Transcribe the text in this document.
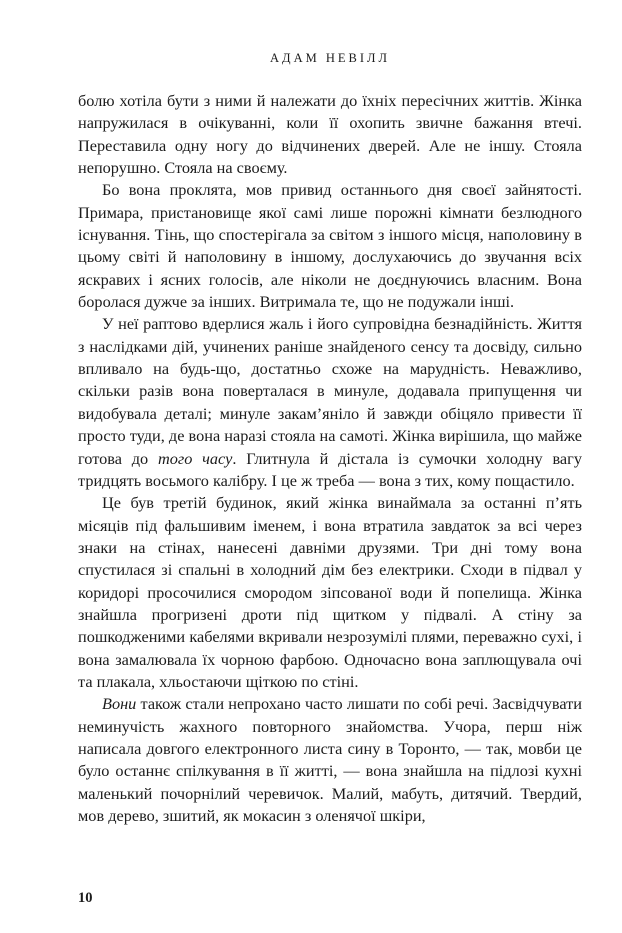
АДАМ НЕВІЛЛ

болю хотіла бути з ними й належати до їхніх пересічних життів. Жінка напружилася в очікуванні, коли її охопить звичне бажання втечі. Переставила одну ногу до відчинених дверей. Але не іншу. Стояла непорушно. Стояла на своєму.

Бо вона проклята, мов привид останнього дня своєї зайнятості. Примара, пристановище якої самі лише порожні кімнати безлюдного існування. Тінь, що спостерігала за світом з іншого місця, наполовину в цьому світі й наполовину в іншому, дослухаючись до звучання всіх яскравих і ясних голосів, але ніколи не доєднуючись власним. Вона боролася дужче за інших. Витримала те, що не подужали інші.

У неї раптово вдерлися жаль і його супровідна безнадійність. Життя з наслідками дій, учинених раніше знайденого сенсу та досвіду, сильно впливало на будь-що, достатньо схоже на марудність. Неважливо, скільки разів вона поверталася в минуле, додавала припущення чи видобувала деталі; минуле закам’яніло й завжди обіцяло привести її просто туди, де вона наразі стояла на самоті. Жінка вирішила, що майже готова до того часу. Глитнула й дістала із сумочки холодну вагу тридцять восьмого калібру. І це ж треба — вона з тих, кому пощастило.

Це був третій будинок, який жінка винаймала за останні п’ять місяців під фальшивим іменем, і вона втратила завдаток за всі через знаки на стінах, нанесені давніми друзями. Три дні тому вона спустилася зі спальні в холодний дім без електрики. Сходи в підвал у коридорі просочилися смородом зіпсованої води й попелища. Жінка знайшла прогризені дроти під щитком у підвалі. А стіну за пошкодженими кабелями вкривали незрозумілі плями, переважно сухі, і вона замалювала їх чорною фарбою. Одночасно вона заплющувала очі та плакала, хльостаючи щіткою по стіні.

Вони також стали непрохано часто лишати по собі речі. Засвідчувати неминучість жахного повторного знайомства. Учора, перш ніж написала довгого електронного листа сину в Торонто, — так, мовби це було останнє спілкування в її житті, — вона знайшла на підлозі кухні маленький почорнілий черевичок. Малий, мабуть, дитячий. Твердий, мов дерево, зшитий, як мокасин з оленячої шкіри,

10
